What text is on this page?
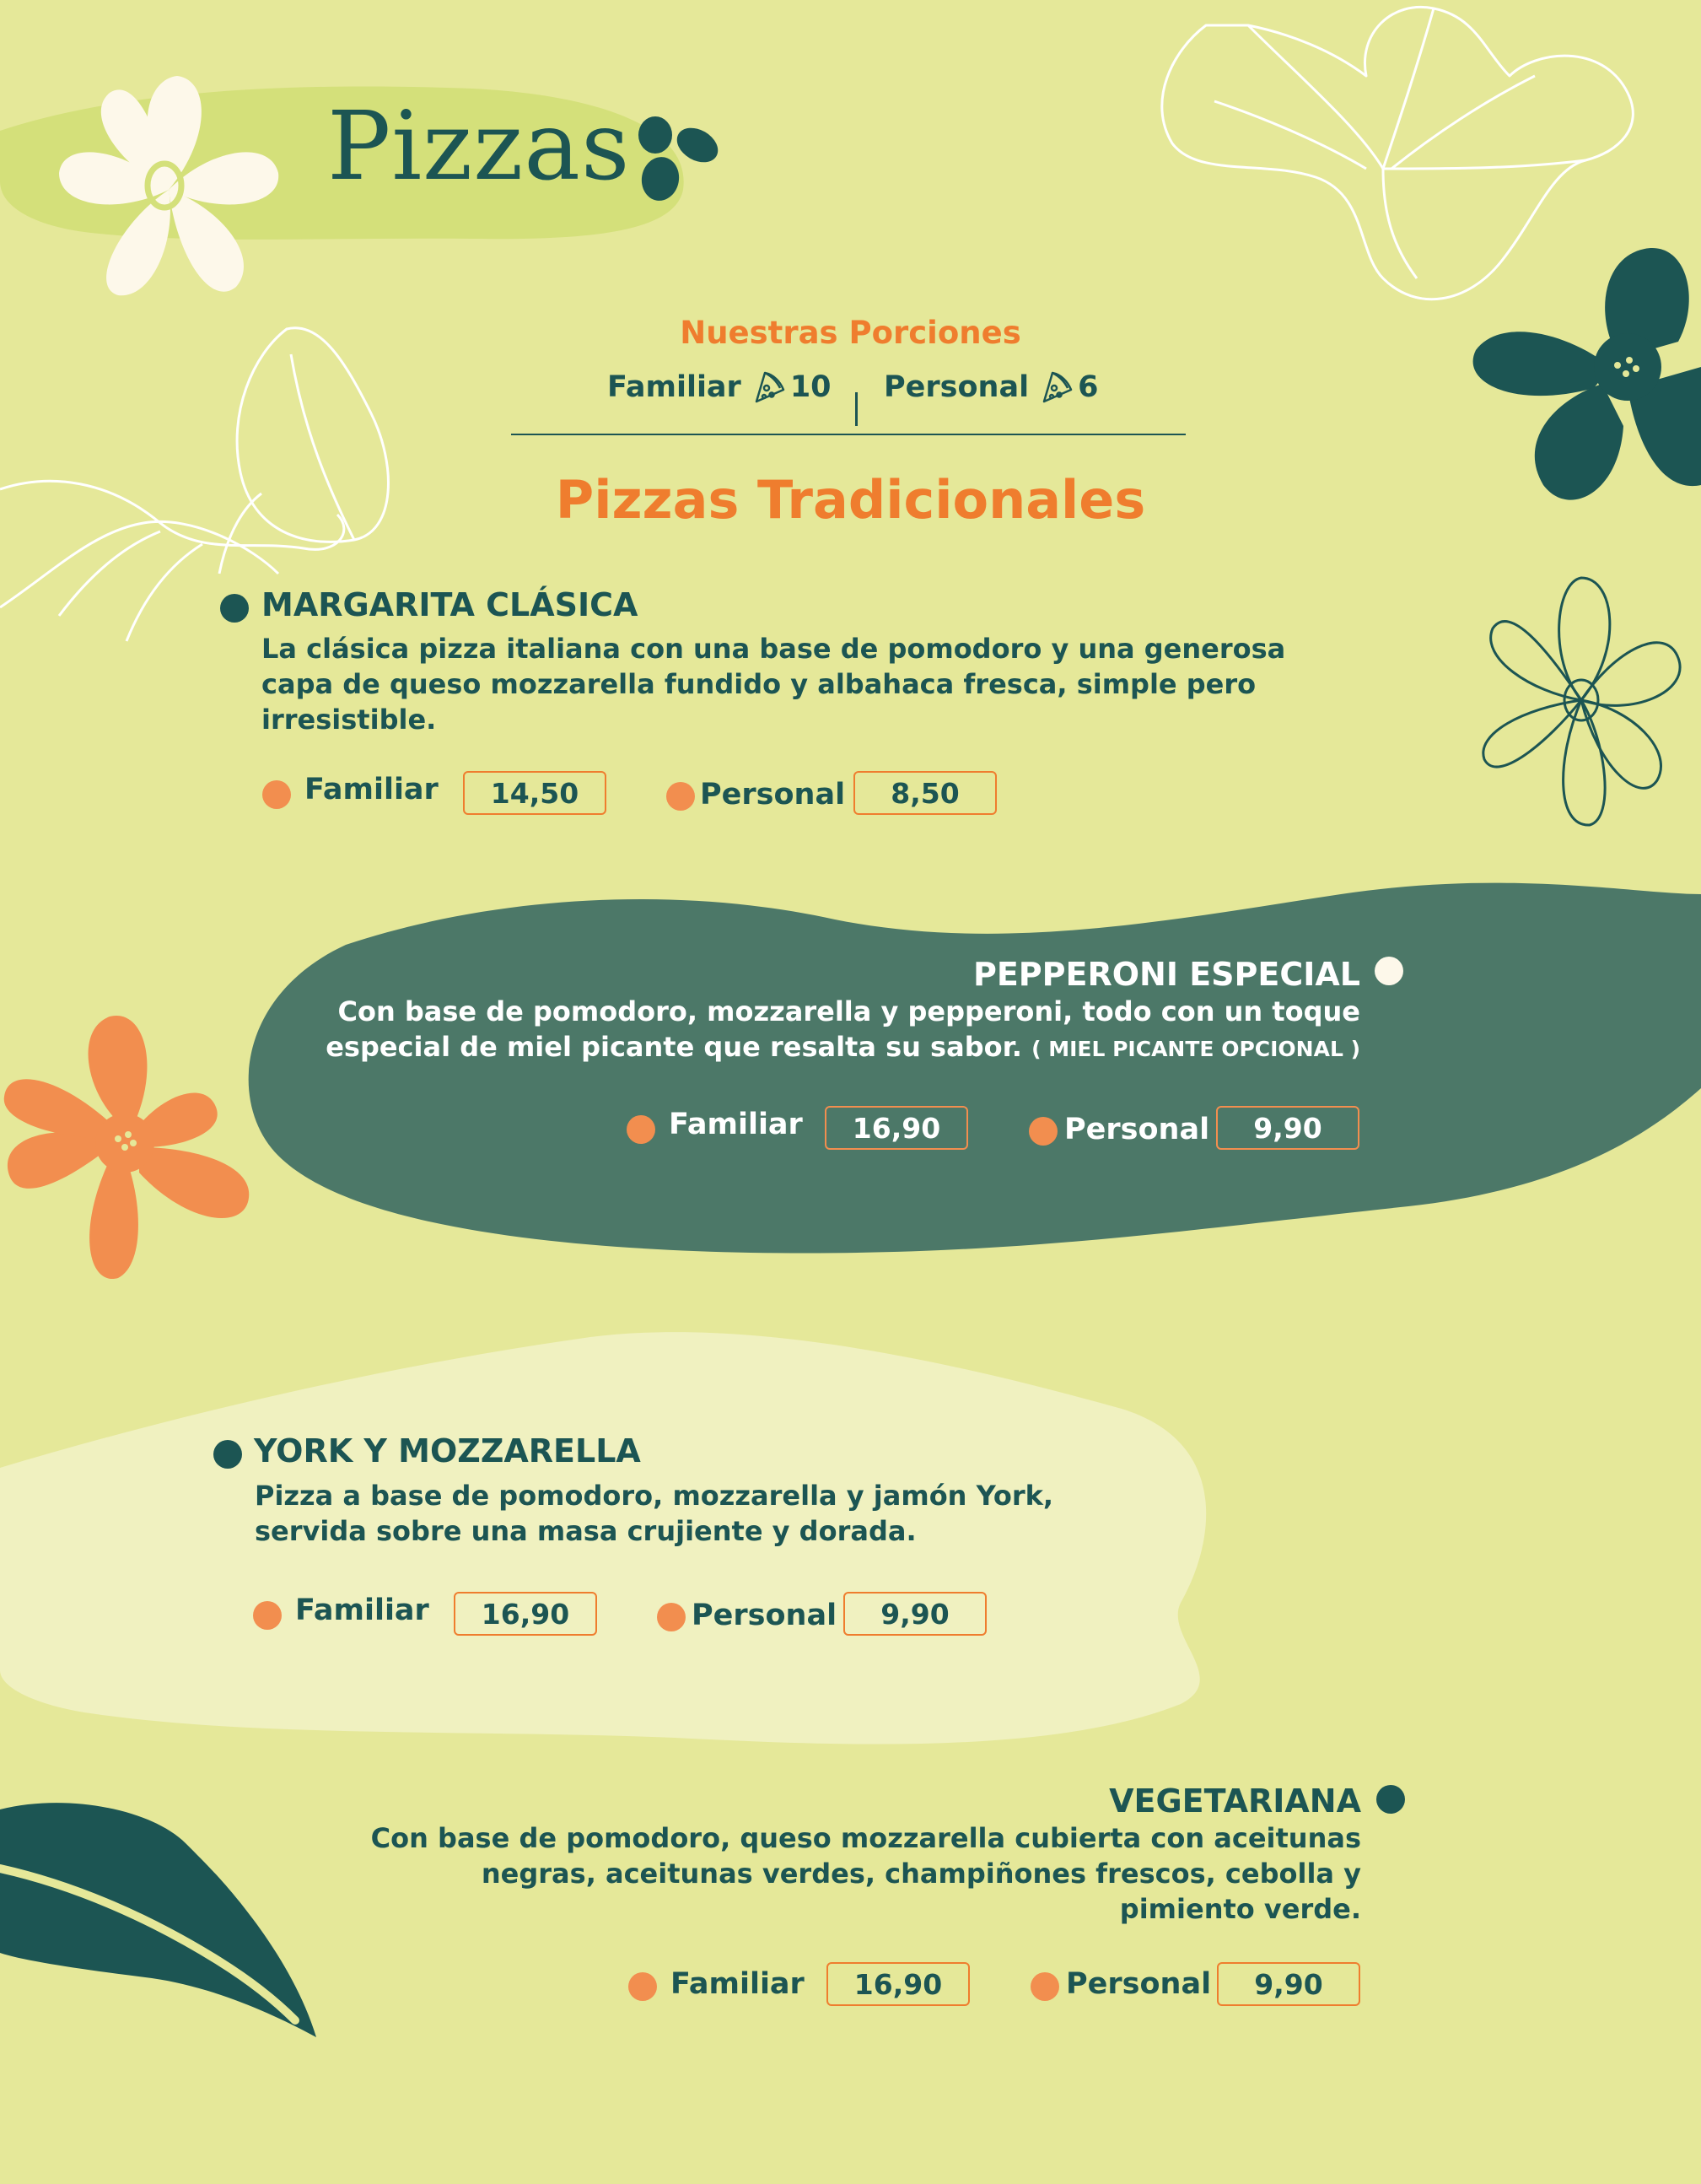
Pizzas
Nuestras Porciones
Familiar 10 Personal 6
Pizzas Tradicionales
MARGARITA CLÁSICA

La clásica pizza italiana con una base de pomodoro y una generosa
capa de queso mozzarella fundido y albahaca fresca, simple pero
irresistible.

Familiar	14,50	Personal	8,50
PEPPERONI ESPECIAL

Con base de pomodoro, mozzarella y pepperoni, todo con un toque
especial de miel picante que resalta su sabor. ( MIEL PICANTE OPCIONAL )

Familiar	16,90	Personal	9,90
YORK Y MOZZARELLA

Pizza a base de pomodoro, mozzarella y jamón York,
servida sobre una masa crujiente y dorada.

Familiar	16,90	Personal	9,90
VEGETARIANA

Con base de pomodoro, queso mozzarella cubierta con aceitunas
negras, aceitunas verdes, champiñones frescos, cebolla y
pimiento verde.

Familiar	16,90	Personal	9,90
